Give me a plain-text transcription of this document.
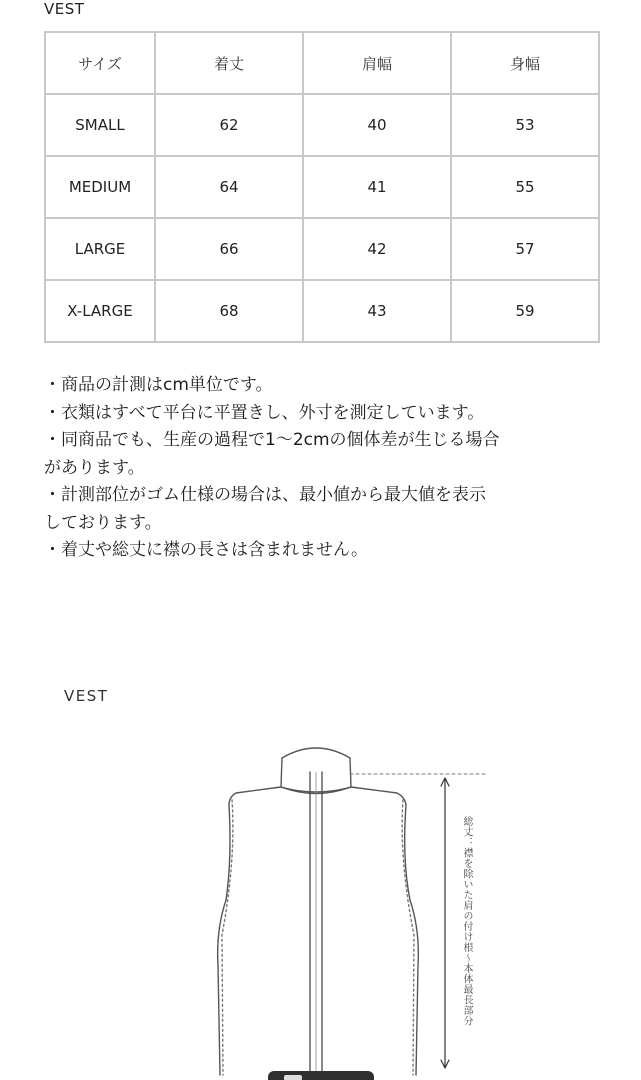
VEST
サイズ	着丈	肩幅	身幅
SMALL	62	40	53
MEDIUM	64	41	55
LARGE	66	42	57
X-LARGE	68	43	59
・商品の計測はcm単位です。
・衣類はすべて平台に平置きし、外寸を測定しています。
・同商品でも、生産の過程で1〜2cmの個体差が生じる場合
があります。
・計測部位がゴム仕様の場合は、最小値から最大値を表示
しております。
・着丈や総丈に襟の長さは含まれません。
VEST
総丈：襟を除いた肩の付け根〜本体最長部分
